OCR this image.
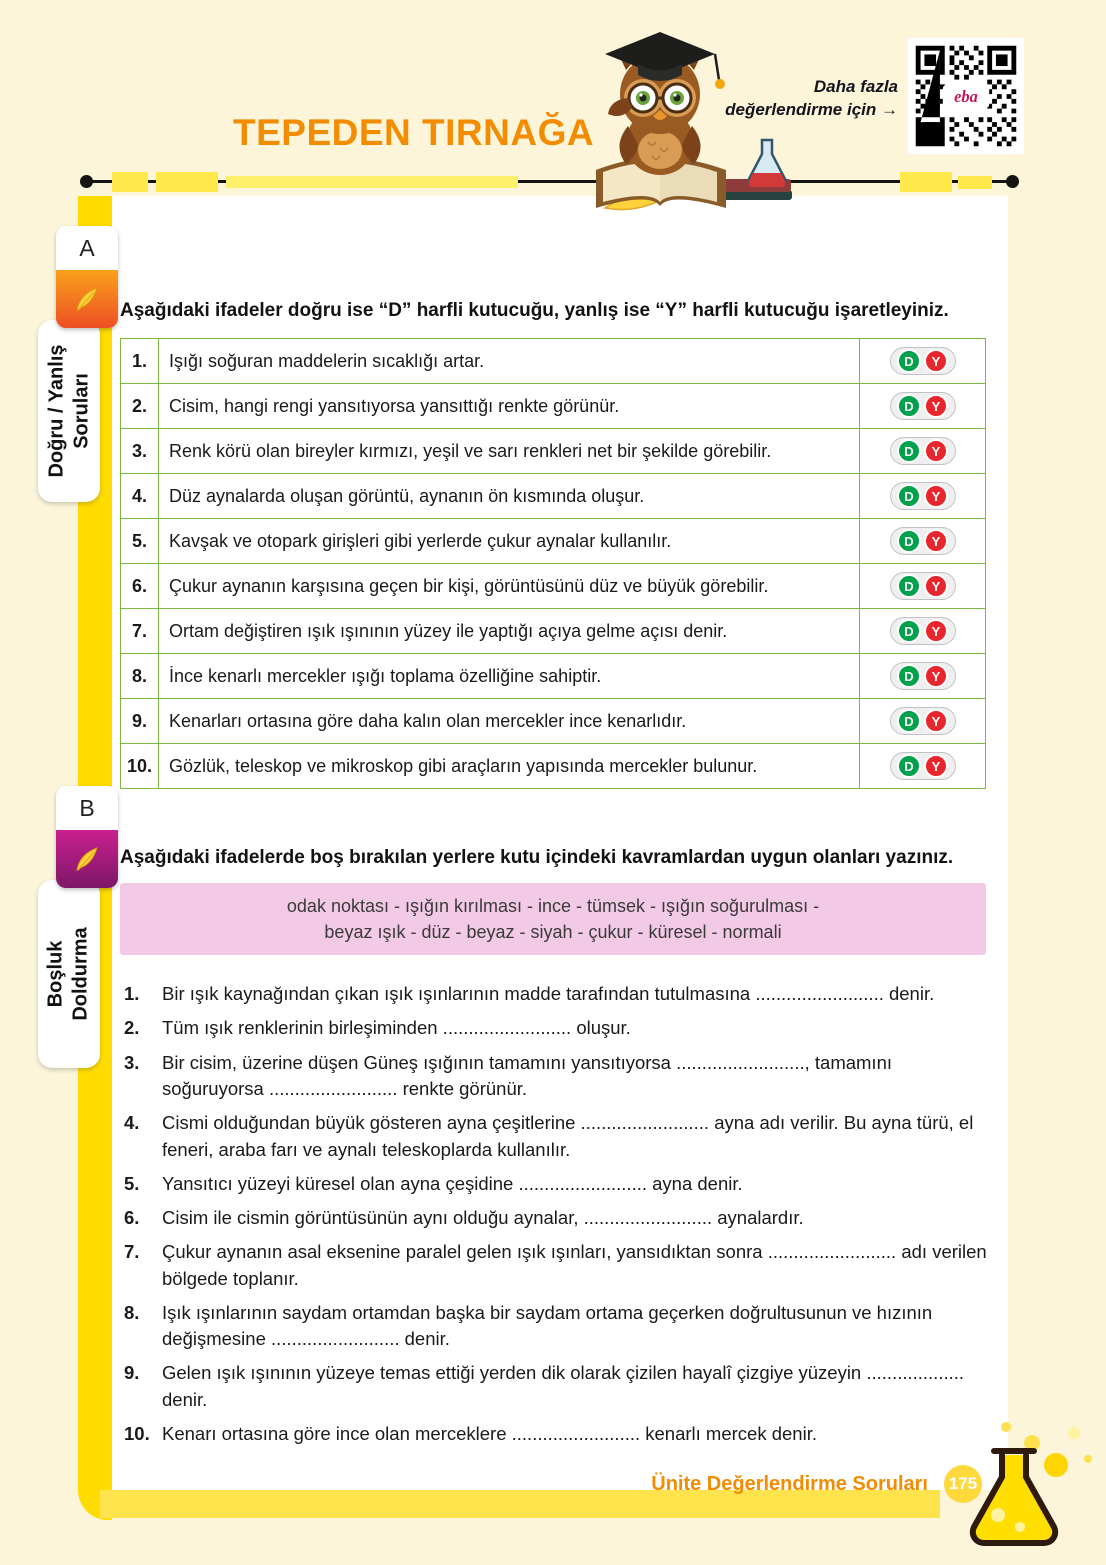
TEPEDEN TIRNAĞA
Daha fazla
değerlendirme için →
eba
A
Doğru / Yanlış Soruları
B
Boşluk Doldurma
Aşağıdaki ifadeler doğru ise “D” harfli kutucuğu, yanlış ise “Y” harfli kutucuğu işaretleyiniz.
1.	Işığı soğuran maddelerin sıcaklığı artar.	D Y

2.	Cisim, hangi rengi yansıtıyorsa yansıttığı renkte görünür.	D Y

3.	Renk körü olan bireyler kırmızı, yeşil ve sarı renkleri net bir şekilde görebilir.	D Y

4.	Düz aynalarda oluşan görüntü, aynanın ön kısmında oluşur.	D Y

5.	Kavşak ve otopark girişleri gibi yerlerde çukur aynalar kullanılır.	D Y

6.	Çukur aynanın karşısına geçen bir kişi, görüntüsünü düz ve büyük görebilir.	D Y

7.	Ortam değiştiren ışık ışınının yüzey ile yaptığı açıya gelme açısı denir.	D Y

8.	İnce kenarlı mercekler ışığı toplama özelliğine sahiptir.	D Y

9.	Kenarları ortasına göre daha kalın olan mercekler ince kenarlıdır.	D Y

10.	Gözlük, teleskop ve mikroskop gibi araçların yapısında mercekler bulunur.	D Y
Aşağıdaki ifadelerde boş bırakılan yerlere kutu içindeki kavramlardan uygun olanları yazınız.
odak noktası - ışığın kırılması - ince - tümsek - ışığın soğurulması -
beyaz ışık - düz - beyaz - siyah - çukur - küresel - normali
1.	Bir ışık kaynağından çıkan ışık ışınlarının madde tarafından tutulmasına ......................... denir.
2.	Tüm ışık renklerinin birleşiminden ......................... oluşur.
3.	Bir cisim, üzerine düşen Güneş ışığının tamamını yansıtıyorsa ........................., tamamını soğuruyorsa ......................... renkte görünür.
4.	Cismi olduğundan büyük gösteren ayna çeşitlerine ......................... ayna adı verilir. Bu ayna türü, el feneri, araba farı ve aynalı teleskoplarda kullanılır.
5.	Yansıtıcı yüzeyi küresel olan ayna çeşidine ......................... ayna denir.
6.	Cisim ile cismin görüntüsünün aynı olduğu aynalar, ......................... aynalardır.
7.	Çukur aynanın asal eksenine paralel gelen ışık ışınları, yansıdıktan sonra ......................... adı verilen bölgede toplanır.
8.	Işık ışınlarının saydam ortamdan başka bir saydam ortama geçerken doğrultusunun ve hızının değişmesine ......................... denir.
9.	Gelen ışık ışınının yüzeye temas ettiği yerden dik olarak çizilen hayalî çizgiye yüzeyin ................... denir.
10. Kenarı ortasına göre ince olan merceklere ......................... kenarlı mercek denir.
Ünite Değerlendirme Soruları 175
